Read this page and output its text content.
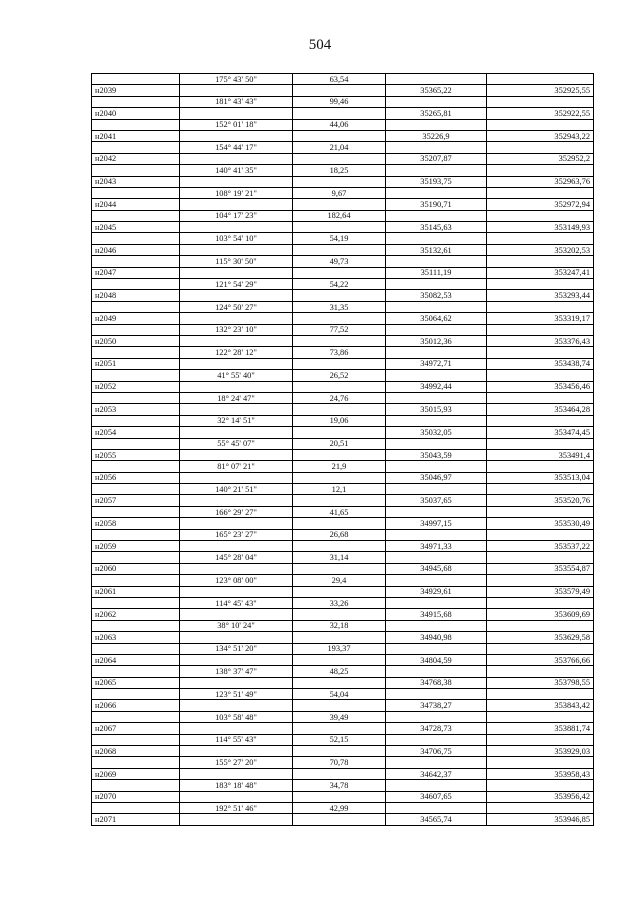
504
	175° 43' 50"	63,54		
н2039			35365,22	352925,55
	181° 43' 43"	99,46		
н2040			35265,81	352922,55
	152° 01' 18"	44,06		
н2041			35226,9	352943,22
	154° 44' 17"	21,04		
н2042			35207,87	352952,2
	140° 41' 35"	18,25		
н2043			35193,75	352963,76
	108° 19' 21"	9,67		
н2044			35190,71	352972,94
	104° 17' 23"	182,64		
н2045			35145,63	353149,93
	103° 54' 10"	54,19		
н2046			35132,61	353202,53
	115° 30' 50"	49,73		
н2047			35111,19	353247,41
	121° 54' 29"	54,22		
н2048			35082,53	353293,44
	124° 50' 27"	31,35		
н2049			35064,62	353319,17
	132° 23' 10"	77,52		
н2050			35012,36	353376,43
	122° 28' 12"	73,86		
н2051			34972,71	353438,74
	41° 55' 40"	26,52		
н2052			34992,44	353456,46
	18° 24' 47"	24,76		
н2053			35015,93	353464,28
	32° 14' 51"	19,06		
н2054			35032,05	353474,45
	55° 45' 07"	20,51		
н2055			35043,59	353491,4
	81° 07' 21"	21,9		
н2056			35046,97	353513,04
	140° 21' 51"	12,1		
н2057			35037,65	353520,76
	166° 29' 27"	41,65		
н2058			34997,15	353530,49
	165° 23' 27"	26,68		
н2059			34971,33	353537,22
	145° 28' 04"	31,14		
н2060			34945,68	353554,87
	123° 08' 00"	29,4		
н2061			34929,61	353579,49
	114° 45' 43"	33,26		
н2062			34915,68	353609,69
	38° 10' 24"	32,18		
н2063			34940,98	353629,58
	134° 51' 20"	193,37		
н2064			34804,59	353766,66
	138° 37' 47"	48,25		
н2065			34768,38	353798,55
	123° 51' 49"	54,04		
н2066			34738,27	353843,42
	103° 58' 48"	39,49		
н2067			34728,73	353881,74
	114° 55' 43"	52,15		
н2068			34706,75	353929,03
	155° 27' 20"	70,78		
н2069			34642,37	353958,43
	183° 18' 48"	34,78		
н2070			34607,65	353956,42
	192° 51' 46"	42,99		
н2071			34565,74	353946,85
